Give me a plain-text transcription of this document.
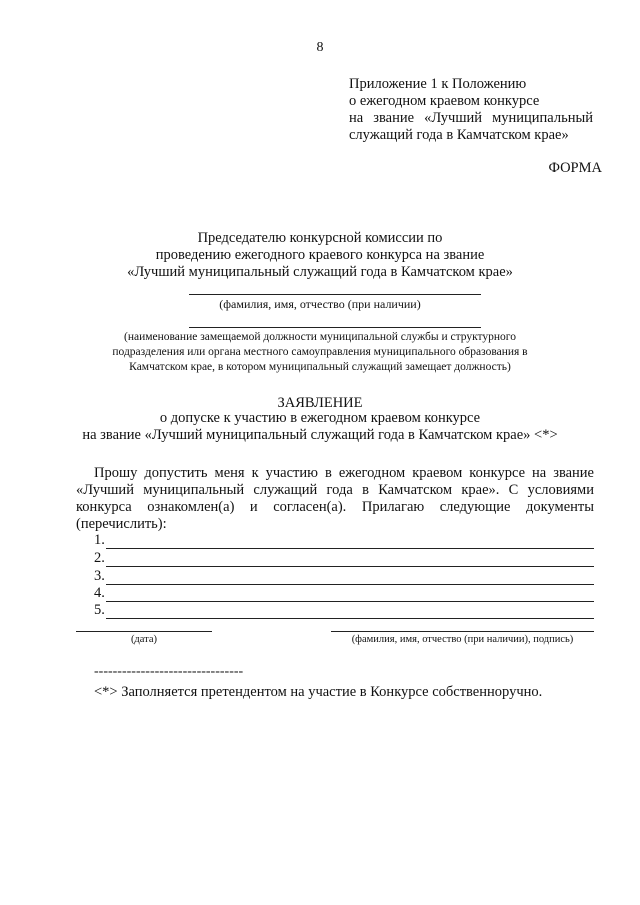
8
Приложение 1 к Положению
о ежегодном краевом конкурсе
на звание «Лучший муниципальный
служащий года в Камчатском крае»
ФОРМА
Председателю конкурсной комиссии по
проведению ежегодного краевого конкурса на звание
«Лучший муниципальный служащий года в Камчатском крае»
(фамилия, имя, отчество (при наличии)
(наименование замещаемой должности муниципальной службы и структурного
подразделения или органа местного самоуправления муниципального образования в
Камчатском крае, в котором муниципальный служащий замещает должность)
ЗАЯВЛЕНИЕ
о допуске к участию в ежегодном краевом конкурсе
на звание «Лучший муниципальный служащий года в Камчатском крае» <*>
Прошу допустить меня к участию в ежегодном краевом конкурсе на звание «Лучший муниципальный служащий года в Камчатском крае». С условиями конкурса ознакомлен(а) и согласен(а). Прилагаю следующие документы (перечислить):
1.
2.
3.
4.
5.
(дата)	(фамилия, имя, отчество (при наличии), подпись)
--------------------------------
<*> Заполняется претендентом на участие в Конкурсе собственноручно.
